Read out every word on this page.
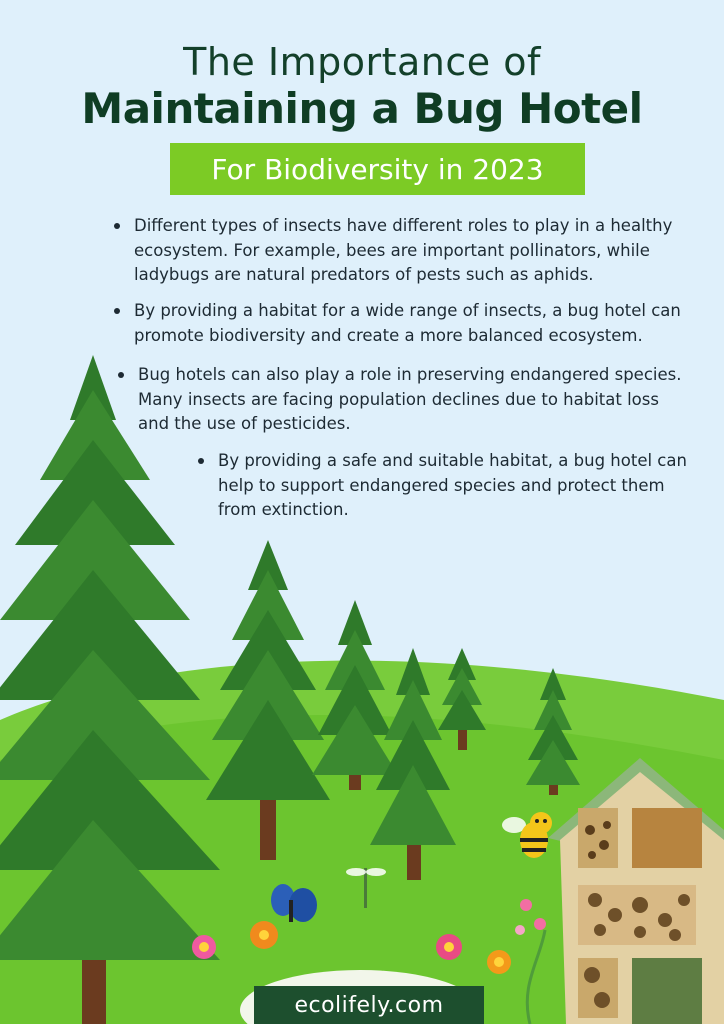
The Importance of
Maintaining a Bug Hotel
For Biodiversity in 2023
Different types of insects have different roles to play in a healthy ecosystem. For example, bees are important pollinators, while ladybugs are natural predators of pests such as aphids.
By providing a habitat for a wide range of insects, a bug hotel can promote biodiversity and create a more balanced ecosystem.
Bug hotels can also play a role in preserving endangered species. Many insects are facing population declines due to habitat loss and the use of pesticides.
By providing a safe and suitable habitat, a bug hotel can help to support endangered species and protect them from extinction.
ecolifely.com
